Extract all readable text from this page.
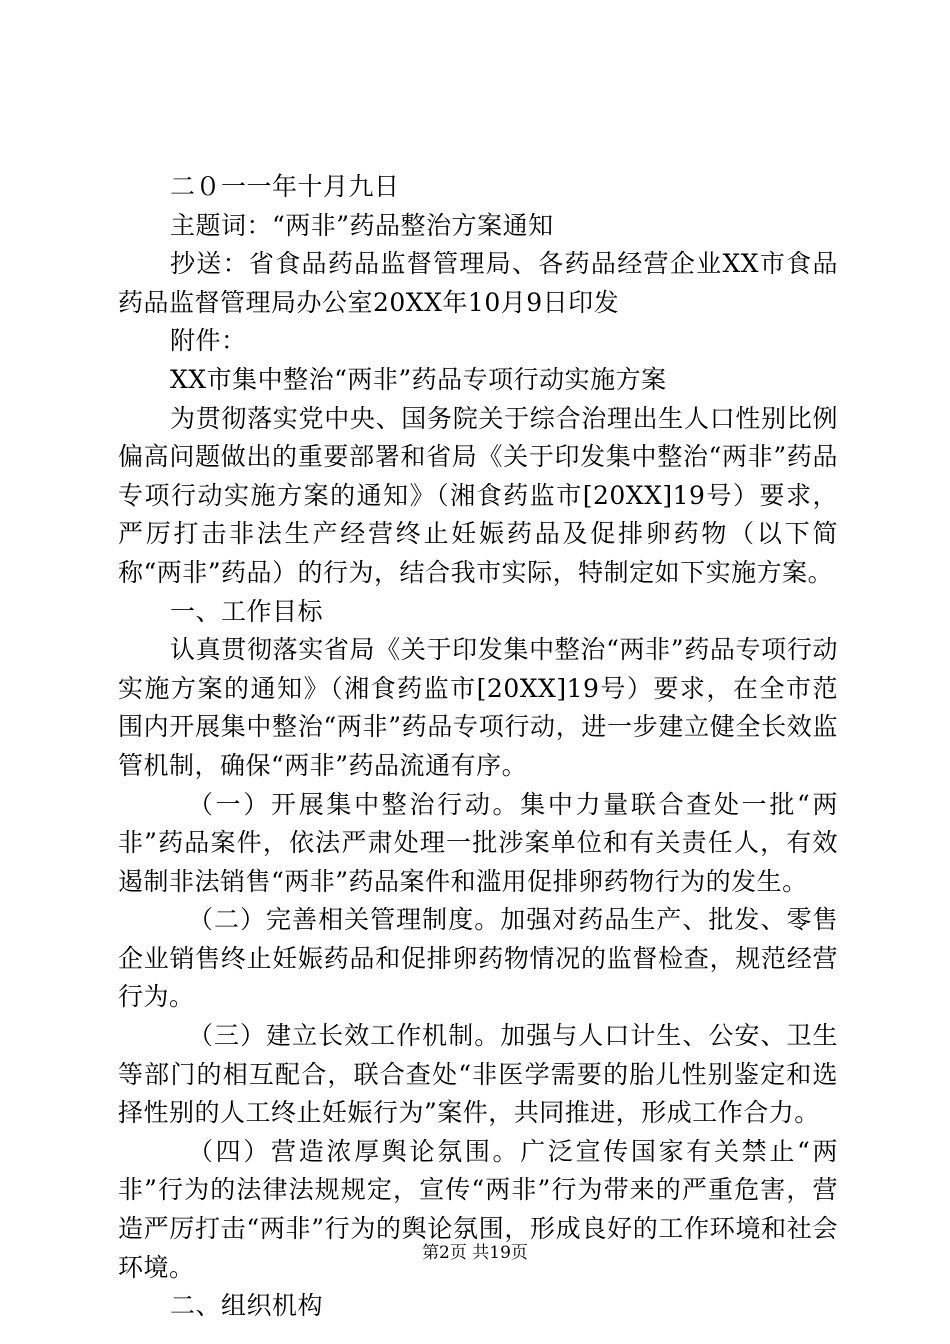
二０一一年十月九日

主题词：“两非”药品整治方案通知

抄送：省食品药品监督管理局、各药品经营企业XX市食品药品监督管理局办公室20XX年10月9日印发

附件：

XX市集中整治“两非”药品专项行动实施方案

为贯彻落实党中央、国务院关于综合治理出生人口性别比例偏高问题做出的重要部署和省局《关于印发集中整治“两非”药品专项行动实施方案的通知》（湘食药监市[20XX]19号）要求，严厉打击非法生产经营终止妊娠药品及促排卵药物（以下简称“两非”药品）的行为，结合我市实际，特制定如下实施方案。

一、工作目标

认真贯彻落实省局《关于印发集中整治“两非”药品专项行动实施方案的通知》（湘食药监市[20XX]19号）要求，在全市范围内开展集中整治“两非”药品专项行动，进一步建立健全长效监管机制，确保“两非”药品流通有序。

（一）开展集中整治行动。集中力量联合查处一批“两非”药品案件，依法严肃处理一批涉案单位和有关责任人，有效遏制非法销售“两非”药品案件和滥用促排卵药物行为的发生。

（二）完善相关管理制度。加强对药品生产、批发、零售企业销售终止妊娠药品和促排卵药物情况的监督检查，规范经营行为。

（三）建立长效工作机制。加强与人口计生、公安、卫生等部门的相互配合，联合查处“非医学需要的胎儿性别鉴定和选择性别的人工终止妊娠行为”案件，共同推进，形成工作合力。

（四）营造浓厚舆论氛围。广泛宣传国家有关禁止“两非”行为的法律法规规定，宣传“两非”行为带来的严重危害，营造严厉打击“两非”行为的舆论氛围，形成良好的工作环境和社会环境。

二、组织机构

第2页 共19页
